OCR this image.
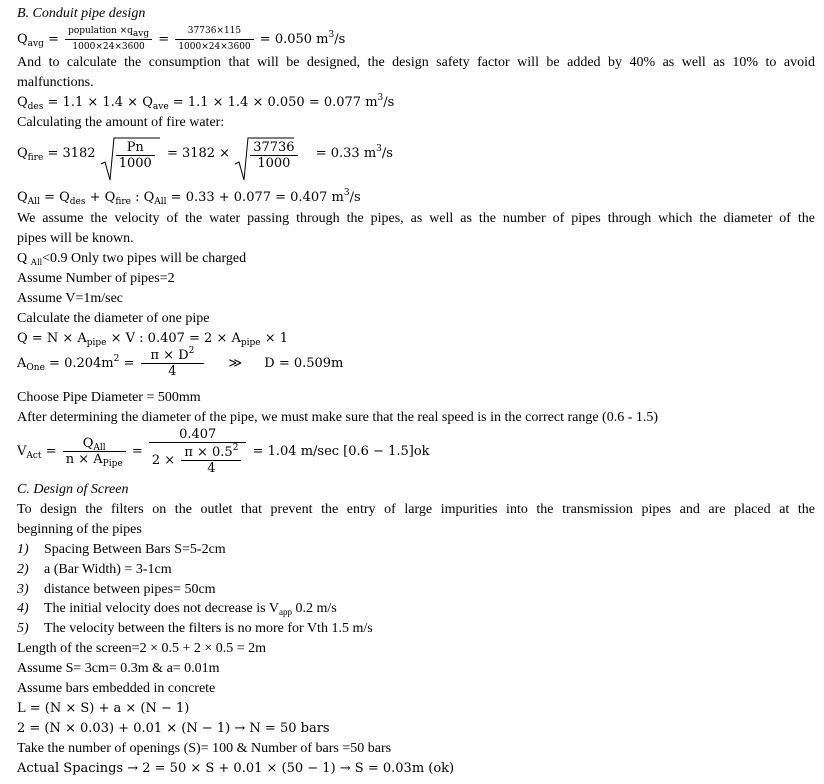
B. Conduit pipe design
$Q_{avg} = \frac{population \times q_{avg}}{1000\times 24\times 3600} = \frac{37736\times 115}{1000\times 24\times 3600} = 0.050$ $m^3/s$
And to calculate the consumption that will be designed, the design safety factor will be added by 40% as well as 10% to avoid
malfunctions.
$Q_{des} = 1.1 \times 1.4 \times Q_{ave} = 1.1 \times 1.4 \times 0.050 = 0.077$ $m^3/s$
Calculating the amount of fire water:
$Q_{fire} = 3182 \frac{Pn}{1000} = 3182 \times \frac{37736}{1000} = 0.33$ $m^3/s$
$Q_{All} = Q_{des} + Q_{fire}$ : $Q_{All} = 0.33 + 0.077 = 0.407$ $m^3/s$
We assume the velocity of the water passing through the pipes, as well as the number of pipes through which the diameter of the
pipes will be known.
Q $_{All}$<0.9 Only two pipes will be charged
Assume Number of pipes=2
Assume V=1m/sec
Calculate the diameter of one pipe
$Q = N \times A_{pipe} \times V$ : $0.407 = 2 \times A_{pipe} \times 1$
$A_{One} = 0.204m^2 = \frac{\pi \times D^2}{4}$ ≫ D = 0.509m
Choose Pipe Diameter = 500mm
After determining the diameter of the pipe, we must make sure that the real speed is in the correct range (0.6 - 1.5)
$V_{Act} = \frac{Q_{All}}{n \times A_{Pipe}} = \frac{0.407}{2 \times \frac{\pi \times 0.5^2}{4}} = 1.04$ m/sec [0.6 − 1.5]ok
C. Design of Screen
To design the filters on the outlet that prevent the entry of large impurities into the transmission pipes and are placed at the
beginning of the pipes
1) Spacing Between Bars S=5-2cm
2) a (Bar Width) = 3-1cm
3) distance between pipes= 50cm
4) The initial velocity does not decrease is $V_{app}$ 0.2 m/s
5) The velocity between the filters is no more for Vth 1.5 m/s
Length of the screen=2 × 0.5 + 2 × 0.5 = 2m
Assume S= 3cm= 0.3m & a= 0.01m
Assume bars embedded in concrete
L = (N × S) + a × (N − 1)
2 = (N × 0.03) + 0.01 × (N − 1) → N = 50 bars
Take the number of openings (S)= 100 & Number of bars =50 bars
Actual Spacings → 2 = 50 × S + 0.01 × (50 − 1) → S = 0.03m (ok)
